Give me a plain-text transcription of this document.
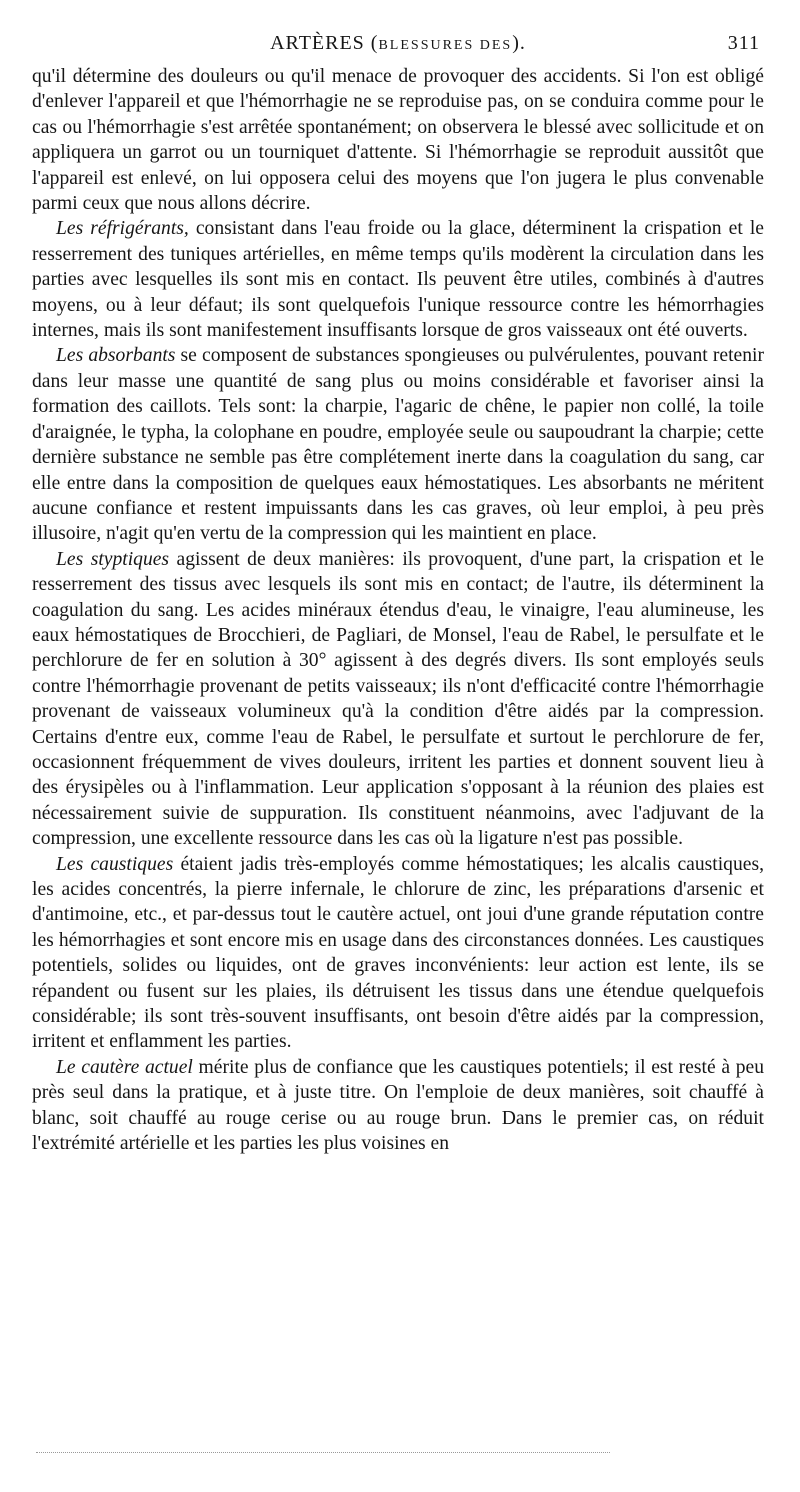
ARTÈRES (BLESSURES DES).	311

qu'il détermine des douleurs ou qu'il menace de provoquer des accidents. Si l'on est obligé d'enlever l'appareil et que l'hémorrhagie ne se reproduise pas, on se conduira comme pour le cas ou l'hémorrhagie s'est arrêtée spontanément; on observera le blessé avec sollicitude et on appliquera un garrot ou un tourniquet d'attente. Si l'hémorrhagie se reproduit aussitôt que l'appareil est enlevé, on lui opposera celui des moyens que l'on jugera le plus convenable parmi ceux que nous allons décrire.

Les réfrigérants, consistant dans l'eau froide ou la glace, déterminent la crispation et le resserrement des tuniques artérielles, en même temps qu'ils modèrent la circulation dans les parties avec lesquelles ils sont mis en contact. Ils peuvent être utiles, combinés à d'autres moyens, ou à leur défaut; ils sont quelquefois l'unique ressource contre les hémorrhagies internes, mais ils sont manifestement insuffisants lorsque de gros vaisseaux ont été ouverts.

Les absorbants se composent de substances spongieuses ou pulvérulentes, pouvant retenir dans leur masse une quantité de sang plus ou moins considérable et favoriser ainsi la formation des caillots. Tels sont: la charpie, l'agaric de chêne, le papier non collé, la toile d'araignée, le typha, la colophane en poudre, employée seule ou saupoudrant la charpie; cette dernière substance ne semble pas être complétement inerte dans la coagulation du sang, car elle entre dans la composition de quelques eaux hémostatiques. Les absorbants ne méritent aucune confiance et restent impuissants dans les cas graves, où leur emploi, à peu près illusoire, n'agit qu'en vertu de la compression qui les maintient en place.

Les styptiques agissent de deux manières: ils provoquent, d'une part, la crispation et le resserrement des tissus avec lesquels ils sont mis en contact; de l'autre, ils déterminent la coagulation du sang. Les acides minéraux étendus d'eau, le vinaigre, l'eau alumineuse, les eaux hémostatiques de Brocchieri, de Pagliari, de Monsel, l'eau de Rabel, le persulfate et le perchlorure de fer en solution à 30° agissent à des degrés divers. Ils sont employés seuls contre l'hémorrhagie provenant de petits vaisseaux; ils n'ont d'efficacité contre l'hémorrhagie provenant de vaisseaux volumineux qu'à la condition d'être aidés par la compression. Certains d'entre eux, comme l'eau de Rabel, le persulfate et surtout le perchlorure de fer, occasionnent fréquemment de vives douleurs, irritent les parties et donnent souvent lieu à des érysipèles ou à l'inflammation. Leur application s'opposant à la réunion des plaies est nécessairement suivie de suppuration. Ils constituent néanmoins, avec l'adjuvant de la compression, une excellente ressource dans les cas où la ligature n'est pas possible.

Les caustiques étaient jadis très-employés comme hémostatiques; les alcalis caustiques, les acides concentrés, la pierre infernale, le chlorure de zinc, les préparations d'arsenic et d'antimoine, etc., et par-dessus tout le cautère actuel, ont joui d'une grande réputation contre les hémorrhagies et sont encore mis en usage dans des circonstances données. Les caustiques potentiels, solides ou liquides, ont de graves inconvénients: leur action est lente, ils se répandent ou fusent sur les plaies, ils détruisent les tissus dans une étendue quelquefois considérable; ils sont très-souvent insuffisants, ont besoin d'être aidés par la compression, irritent et enflamment les parties.

Le cautère actuel mérite plus de confiance que les caustiques potentiels; il est resté à peu près seul dans la pratique, et à juste titre. On l'emploie de deux manières, soit chauffé à blanc, soit chauffé au rouge cerise ou au rouge brun. Dans le premier cas, on réduit l'extrémité artérielle et les parties les plus voisines en
